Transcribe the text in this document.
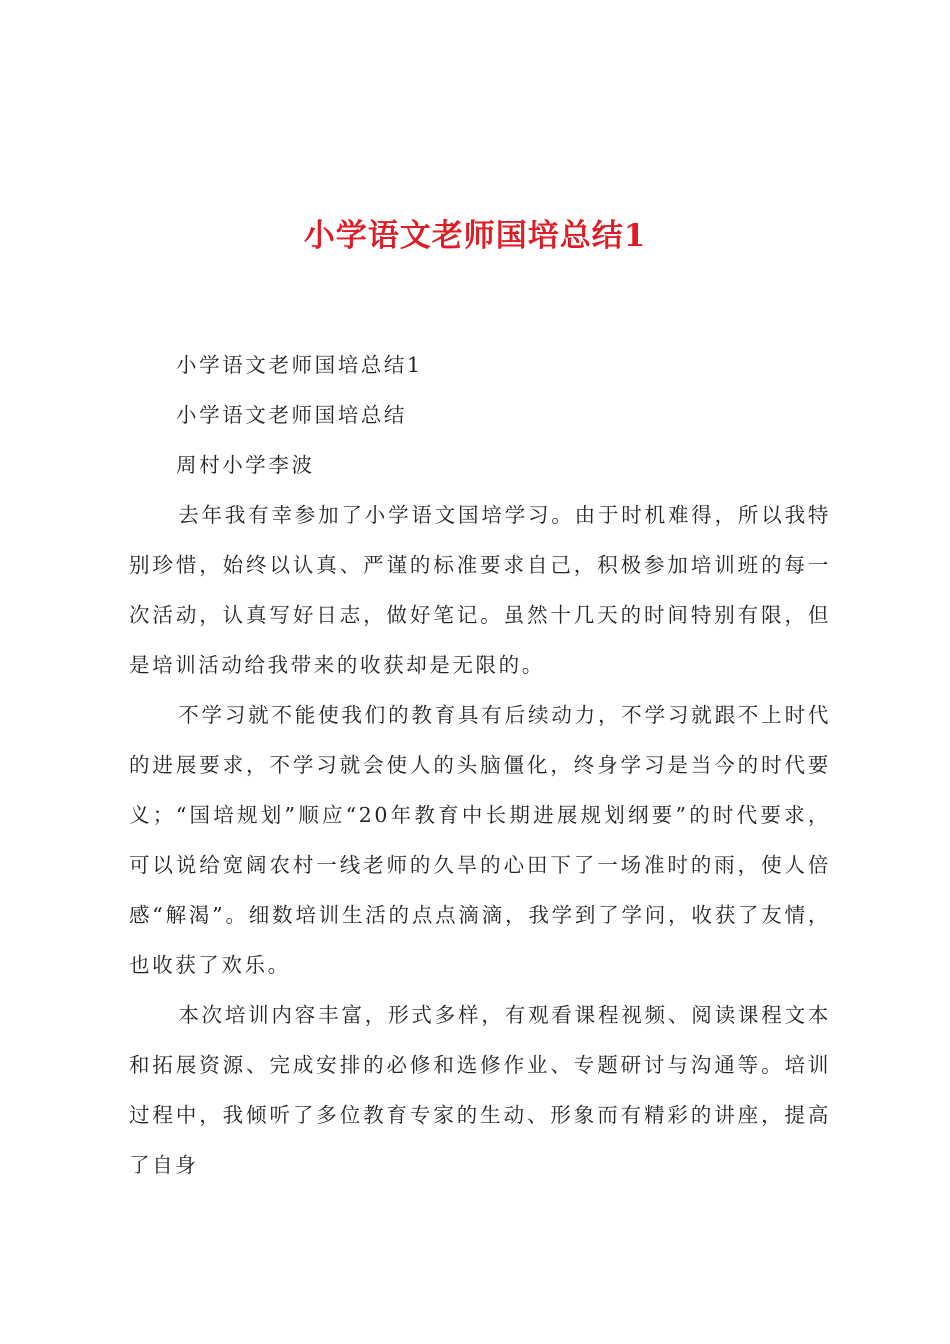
小学语文老师国培总结1

小学语文老师国培总结1

小学语文老师国培总结

周村小学李波

去年我有幸参加了小学语文国培学习。由于时机难得，所以我特别珍惜，始终以认真、严谨的标准要求自己，积极参加培训班的每一次活动，认真写好日志，做好笔记。虽然十几天的时间特别有限，但是培训活动给我带来的收获却是无限的。

不学习就不能使我们的教育具有后续动力，不学习就跟不上时代的进展要求，不学习就会使人的头脑僵化，终身学习是当今的时代要义；“国培规划”顺应“20年教育中长期进展规划纲要”的时代要求，可以说给宽阔农村一线老师的久旱的心田下了一场准时的雨，使人倍感“解渴”。细数培训生活的点点滴滴，我学到了学问，收获了友情，也收获了欢乐。

本次培训内容丰富，形式多样，有观看课程视频、阅读课程文本和拓展资源、完成安排的必修和选修作业、专题研讨与沟通等。培训过程中，我倾听了多位教育专家的生动、形象而有精彩的讲座，提高了自身
